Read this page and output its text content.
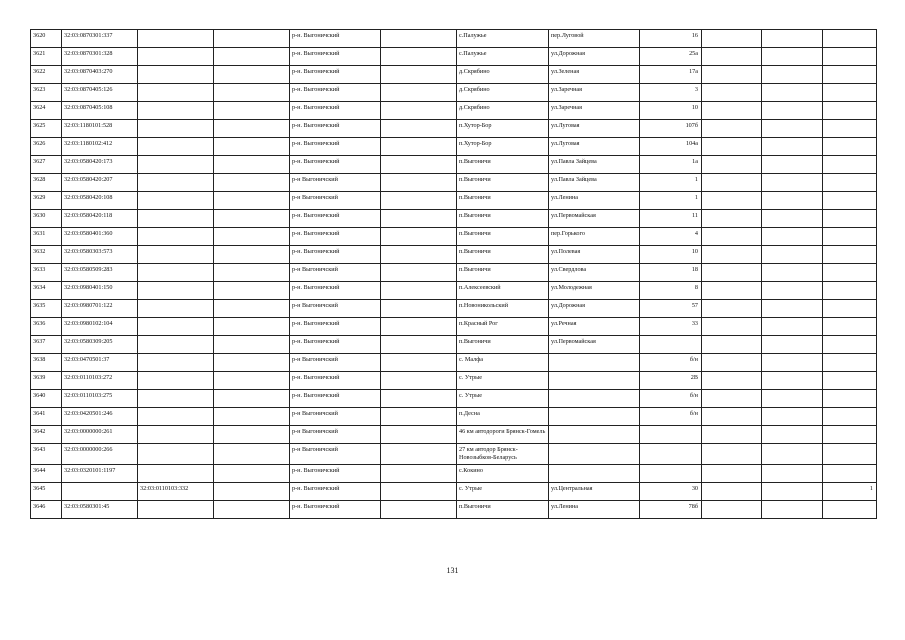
3620	32:03:0870301:337			р-н. Выгоничский		с.Палужье	пер.Луговой	16			
3621	32:03:0870301:328			р-н. Выгоничский		с.Палужье	ул.Дорожная	25а			
3622	32:03:0870403:270			р-н. Выгоничский		д.Скрябино	ул.Зеленая	17а			
3623	32:03:0870405:126			р-н. Выгоничский		д.Скрябино	ул.Заречная	3			
3624	32:03:0870405:108			р-н. Выгоничский		д.Скрябино	ул.Заречная	10			
3625	32:03:1180101:528			р-н. Выгоничский		п.Хутор-Бор	ул.Луговая	107б			
3626	32:03:1180102:412			р-н. Выгоничский		п.Хутор-Бор	ул.Луговая	104а			
3627	32:03:0580420:173			р-н. Выгоничский		п.Выгоничи	ул.Павла Зайцева	1а			
3628	32:03:0580420:207			р-н Выгоничский		п.Выгоничи	ул.Павла Зайцева	1			
3629	32:03:0580420:108			р-н Выгоничский		п.Выгоничи	ул.Ленина	1			
3630	32:03:0580420:118			р-н. Выгоничский		п.Выгоничи	ул.Первомайская	11			
3631	32:03:0580401:360			р-н. Выгоничский		п.Выгоничи	пер.Горького	4			
3632	32:03:0580303:573			р-н. Выгоничский		п.Выгоничи	ул.Полевая	10			
3633	32:03:0580509:283			р-н Выгоничский		п.Выгоничи	ул.Свердлова	18			
3634	32:03:0980401:150			р-н. Выгоничский		п.Алексеевский	ул.Молодежная	8			
3635	32:03:0980701:122			р-н Выгоничский		п.Новоникольский	ул.Дорожная	57			
3636	32:03:0980102:104			р-н. Выгоничский		п.Красный Рог	ул.Речная	33			
3637	32:03:0580309:205			р-н. Выгоничский		п.Выгоничи	ул.Первомайская				
3638	32:03:0470501:37			р-н Выгоничский		с. Малфа		б/н			
3639	32:03:0110103:272			р-н. Выгоничский		с. Утрые		2В			
3640	32:03:0110103:275			р-н. Выгоничский		с. Утрые		б/н			
3641	32:03:0420501:246			р-н Выгоничский		п.Десна		б/н			
3642	32:03:0000000:261			р-н Выгоничский		46 км автодороги Брянск-Гомель					
3643	32:03:0000000:266			р-н Выгоничский		27 км автодор Брянск-Новозыбков-Беларусь					
3644	32:03:0320101:1197			р-н. Выгоничский		с.Кокино					
3645		32:03:0110103:332		р-н. Выгоничский		с. Утрые	ул.Центральная	30			1
3646	32:03:0580301:45			р-н. Выгоничский		п.Выгоничи	ул.Ленина	78б			
131
